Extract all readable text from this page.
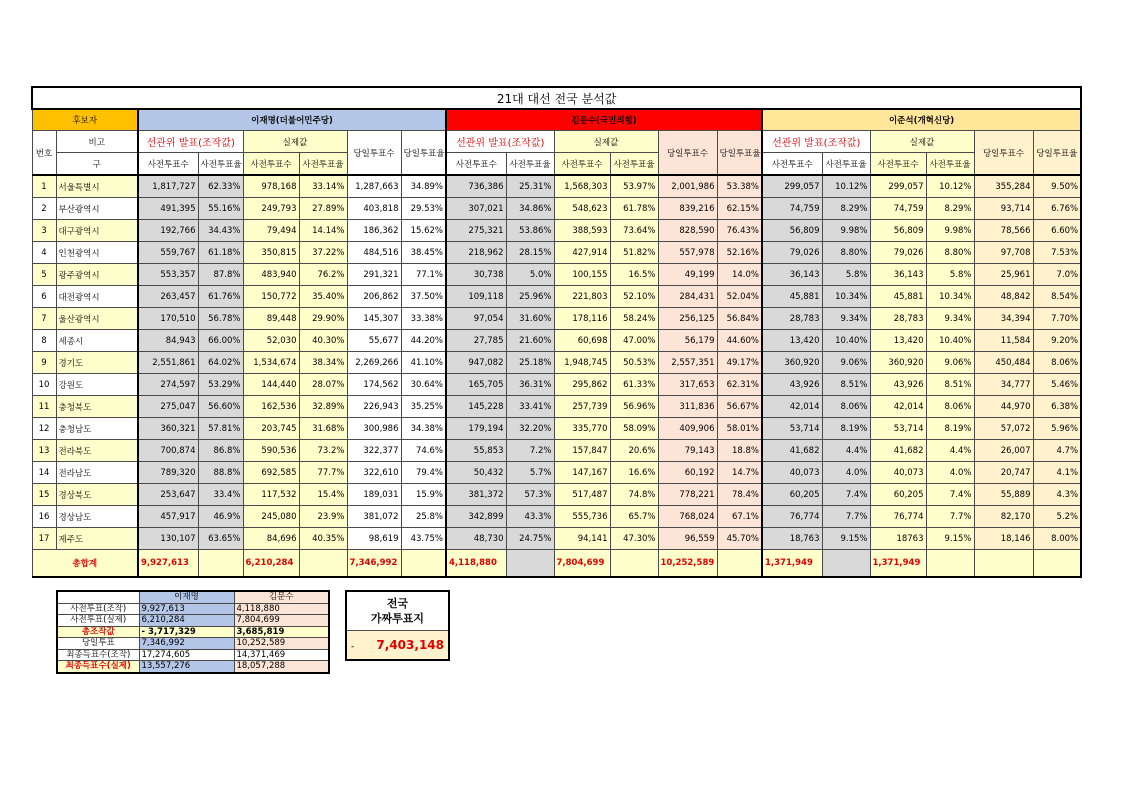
21대 대선 전국 분석값																			
후보자		이재명(더불어민주당)						김문수(국민의힘)						이준석(개혁신당)					
번호	비고	선관위 발표(조작값)		실제값		당일투표수	당일투표율	선관위 발표(조작값)		실제값		당일투표수	당일투표율	선관위 발표(조작값)		실제값		당일투표수	당일투표율
	구	사전투표수	사전투표율	사전투표수	사전투표율			사전투표수	사전투표율	사전투표수	사전투표율			사전투표수	사전투표율	사전투표수	사전투표율		
1	서울특별시	1,817,727	62.33%	978,168	33.14%	1,287,663	34.89%	736,386	25.31%	1,568,303	53.97%	2,001,986	53.38%	299,057	10.12%	299,057	10.12%	355,284	9.50%
2	부산광역시	491,395	55.16%	249,793	27.89%	403,818	29.53%	307,021	34.86%	548,623	61.78%	839,216	62.15%	74,759	8.29%	74,759	8.29%	93,714	6.76%
3	대구광역시	192,766	34.43%	79,494	14.14%	186,362	15.62%	275,321	53.86%	388,593	73.64%	828,590	76.43%	56,809	9.98%	56,809	9.98%	78,566	6.60%
4	인천광역시	559,767	61.18%	350,815	37.22%	484,516	38.45%	218,962	28.15%	427,914	51.82%	557,978	52.16%	79,026	8.80%	79,026	8.80%	97,708	7.53%
5	광주광역시	553,357	87.8%	483,940	76.2%	291,321	77.1%	30,738	5.0%	100,155	16.5%	49,199	14.0%	36,143	5.8%	36,143	5.8%	25,961	7.0%
6	대전광역시	263,457	61.76%	150,772	35.40%	206,862	37.50%	109,118	25.96%	221,803	52.10%	284,431	52.04%	45,881	10.34%	45,881	10.34%	48,842	8.54%
7	울산광역시	170,510	56.78%	89,448	29.90%	145,307	33.38%	97,054	31.60%	178,116	58.24%	256,125	56.84%	28,783	9.34%	28,783	9.34%	34,394	7.70%
8	세종시	84,943	66.00%	52,030	40.30%	55,677	44.20%	27,785	21.60%	60,698	47.00%	56,179	44.60%	13,420	10.40%	13,420	10.40%	11,584	9.20%
9	경기도	2,551,861	64.02%	1,534,674	38.34%	2,269,266	41.10%	947,082	25.18%	1,948,745	50.53%	2,557,351	49.17%	360,920	9.06%	360,920	9.06%	450,484	8.06%
10	강원도	274,597	53.29%	144,440	28.07%	174,562	30.64%	165,705	36.31%	295,862	61.33%	317,653	62.31%	43,926	8.51%	43,926	8.51%	34,777	5.46%
11	충청북도	275,047	56.60%	162,536	32.89%	226,943	35.25%	145,228	33.41%	257,739	56.96%	311,836	56.67%	42,014	8.06%	42,014	8.06%	44,970	6.38%
12	충청남도	360,321	57.81%	203,745	31.68%	300,986	34.38%	179,194	32.20%	335,770	58.09%	409,906	58.01%	53,714	8.19%	53,714	8.19%	57,072	5.96%
13	전라북도	700,874	86.8%	590,536	73.2%	322,377	74.6%	55,853	7.2%	157,847	20.6%	79,143	18.8%	41,682	4.4%	41,682	4.4%	26,007	4.7%
14	전라남도	789,320	88.8%	692,585	77.7%	322,610	79.4%	50,432	5.7%	147,167	16.6%	60,192	14.7%	40,073	4.0%	40,073	4.0%	20,747	4.1%
15	경상북도	253,647	33.4%	117,532	15.4%	189,031	15.9%	381,372	57.3%	517,487	74.8%	778,221	78.4%	60,205	7.4%	60,205	7.4%	55,889	4.3%
16	경상남도	457,917	46.9%	245,080	23.9%	381,072	25.8%	342,899	43.3%	555,736	65.7%	768,024	67.1%	76,774	7.7%	76,774	7.7%	82,170	5.2%
17	제주도	130,107	63.65%	84,696	40.35%	98,619	43.75%	48,730	24.75%	94,141	47.30%	96,559	45.70%	18,763	9.15%	18763	9.15%	18,146	8.00%
총합계		9,927,613		6,210,284		7,346,992		4,118,880		7,804,699		10,252,589		1,371,949		1,371,949			
	이재명	김문수
사전투표(조작)	9,927,613	4,118,880
사전투표(실제)	6,210,284	7,804,699
총조작값	- 3,717,329	3,685,819
당일투표	7,346,992	10,252,589
최종득표수(조작)	17,274,605	14,371,469
최종득표수(실제)	13,557,276	18,057,288
전국
가짜투표지

- 7,403,148
